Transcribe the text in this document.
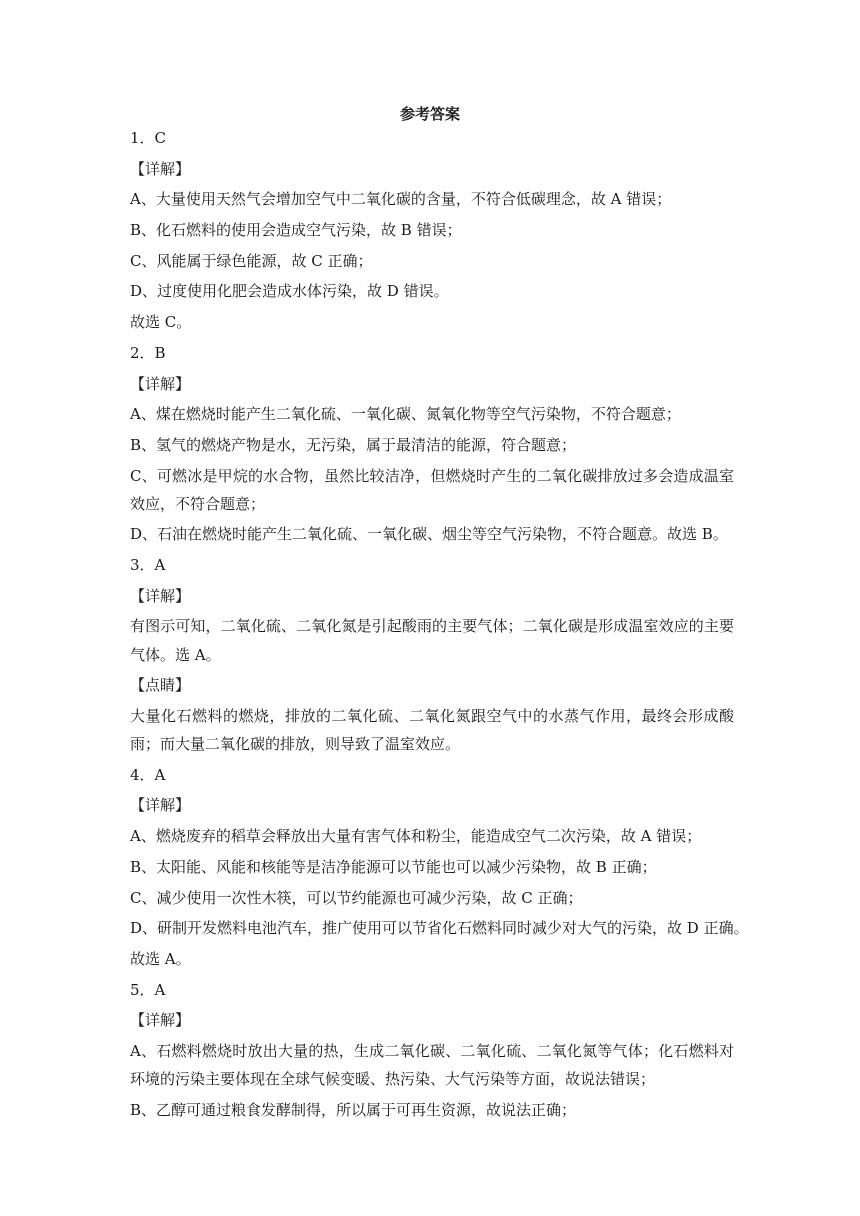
参考答案
1．C
【详解】
A、大量使用天然气会增加空气中二氧化碳的含量，不符合低碳理念，故 A 错误；
B、化石燃料的使用会造成空气污染，故 B 错误；
C、风能属于绿色能源，故 C 正确；
D、过度使用化肥会造成水体污染，故 D 错误。
故选 C。
2．B
【详解】
A、煤在燃烧时能产生二氧化硫、一氧化碳、氮氧化物等空气污染物，不符合题意；
B、氢气的燃烧产物是水，无污染，属于最清洁的能源，符合题意；
C、可燃冰是甲烷的水合物，虽然比较洁净，但燃烧时产生的二氧化碳排放过多会造成温室效应，不符合题意；
D、石油在燃烧时能产生二氧化硫、一氧化碳、烟尘等空气污染物，不符合题意。故选 B。
3．A
【详解】
有图示可知，二氧化硫、二氧化氮是引起酸雨的主要气体；二氧化碳是形成温室效应的主要气体。选 A。
【点睛】
大量化石燃料的燃烧，排放的二氧化硫、二氧化氮跟空气中的水蒸气作用，最终会形成酸雨；而大量二氧化碳的排放，则导致了温室效应。
4．A
【详解】
A、燃烧废弃的稻草会释放出大量有害气体和粉尘，能造成空气二次污染，故 A 错误；
B、太阳能、风能和核能等是洁净能源可以节能也可以减少污染物，故 B 正确；
C、减少使用一次性木筷，可以节约能源也可减少污染，故 C 正确；
D、研制开发燃料电池汽车，推广使用可以节省化石燃料同时减少对大气的污染，故 D 正确。
故选 A。
5．A
【详解】
A、石燃料燃烧时放出大量的热，生成二氧化碳、二氧化硫、二氧化氮等气体；化石燃料对环境的污染主要体现在全球气候变暖、热污染、大气污染等方面，故说法错误；
B、乙醇可通过粮食发酵制得，所以属于可再生资源，故说法正确；
